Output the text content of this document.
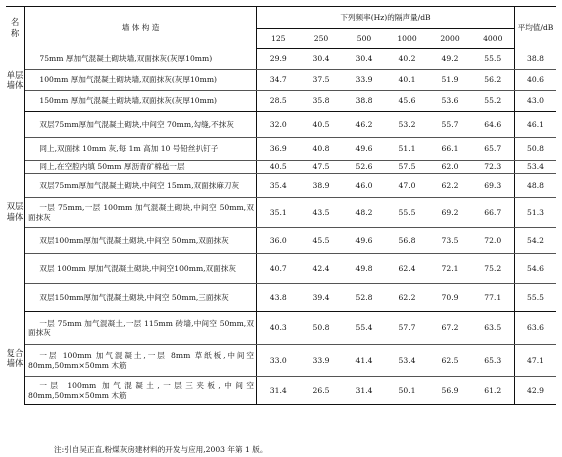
名 称	墙 体 构 造	下列频率(Hz)的隔声量/dB						平均值/dB
		125	250	500	1000	2000	4000	
单层墙体	75mm 厚加气混凝土砌块墙,双面抹灰(灰厚10mm)	29.9	30.4	30.4	40.2	49.2	55.5	38.8

	100mm 厚加气混凝土砌块墙,双面抹灰(灰厚10mm)	34.7	37.5	33.9	40.1	51.9	56.2	40.6

	150mm 厚加气混凝土砌块墙,双面抹灰(灰厚10mm)	28.5	35.8	38.8	45.6	53.6	55.2	43.0
双层墙体	双层75mm厚加气混凝土砌块,中间空 70mm,勾缝,不抹灰	32.0	40.5	46.2	53.2	55.7	64.6	46.1

	同上,双面抹 10mm 灰,每 1m 高加 10 号铅丝扒钉子	36.9	40.8	49.6	51.1	66.1	65.7	50.8

	同上,在空腔内填 50mm 厚沥青矿棉毡一层	40.5	47.5	52.6	57.5	62.0	72.3	53.4

	双层75mm厚加气混凝土砌块,中间空 15mm,双面抹麻刀灰	35.4	38.9	46.0	47.0	62.2	69.3	48.8

	一层 75mm,一层 100mm 加气混凝土砌块,中间空 50mm,双面抹灰	35.1	43.5	48.2	55.5	69.2	66.7	51.3

	双层100mm厚加气混凝土砌块,中间空 50mm,双面抹灰	36.0	45.5	49.6	56.8	73.5	72.0	54.2

	双层 100mm 厚加气混凝土砌块,中间空100mm,双面抹灰	40.7	42.4	49.8	62.4	72.1	75.2	54.6

	双层150mm厚加气混凝土砌块,中间空 50mm,三面抹灰	43.8	39.4	52.8	62.2	70.9	77.1	55.5
复合墙体	一层 75mm 加气混凝土,一层 115mm 砖墙,中间空 50mm,双面抹灰	40.3	50.8	55.4	57.7	67.2	63.5	63.6

	一层 100mm 加气混凝土,一层 8mm 草纸板,中间空 80mm,50mm×50mm 木筋	33.0	33.9	41.4	53.4	62.5	65.3	47.1

	一层 100mm 加气混凝土,一层三夹板,中间空80mm,50mm×50mm 木筋	31.4	26.5	31.4	50.1	56.9	61.2	42.9
注:引自吴正直,粉煤灰房建材料的开发与应用,2003 年第 1 版。
